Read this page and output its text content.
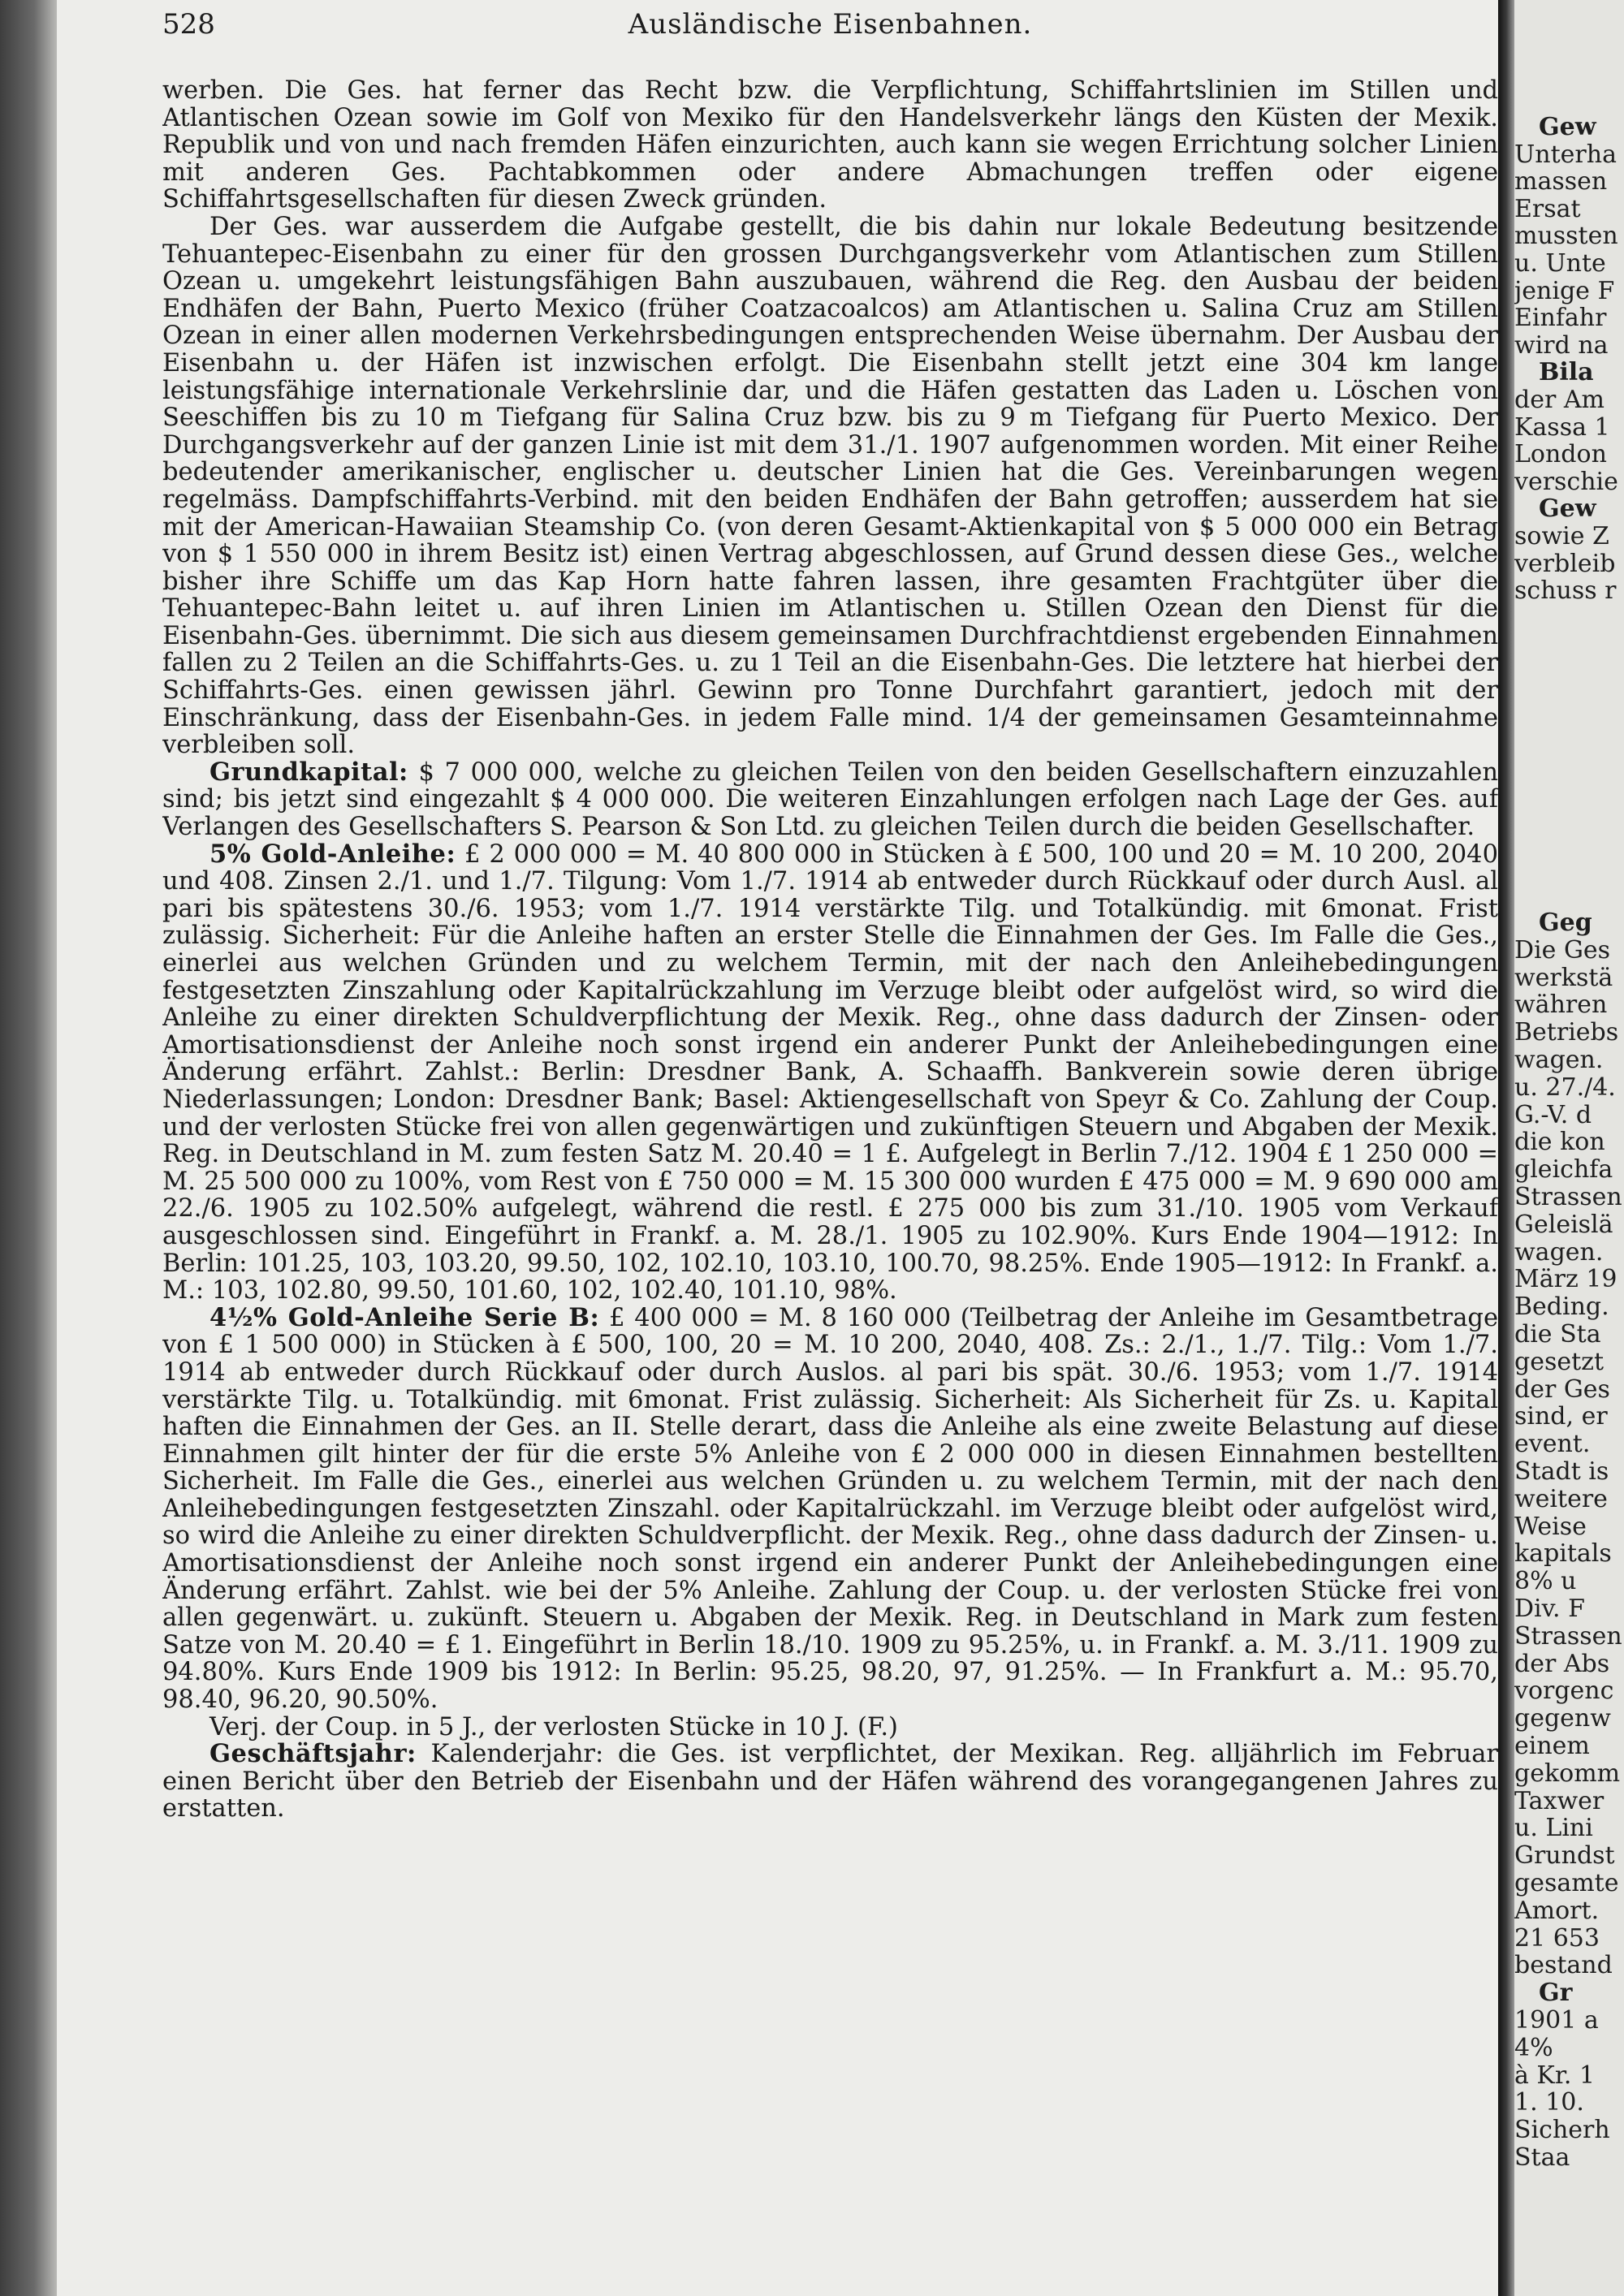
528	Ausländische Eisenbahnen.

werben. Die Ges. hat ferner das Recht bzw. die Verpflichtung, Schiffahrtslinien im Stillen und Atlantischen Ozean sowie im Golf von Mexiko für den Handelsverkehr längs den Küsten der Mexik. Republik und von und nach fremden Häfen einzurichten, auch kann sie wegen Errichtung solcher Linien mit anderen Ges. Pachtabkommen oder andere Abmachungen treffen oder eigene Schiffahrtsgesellschaften für diesen Zweck gründen.

Der Ges. war ausserdem die Aufgabe gestellt, die bis dahin nur lokale Bedeutung besitzende Tehuantepec-Eisenbahn zu einer für den grossen Durchgangsverkehr vom Atlantischen zum Stillen Ozean u. umgekehrt leistungsfähigen Bahn auszubauen, während die Reg. den Ausbau der beiden Endhäfen der Bahn, Puerto Mexico (früher Coatzacoalcos) am Atlantischen u. Salina Cruz am Stillen Ozean in einer allen modernen Verkehrsbedingungen entsprechenden Weise übernahm. Der Ausbau der Eisenbahn u. der Häfen ist inzwischen erfolgt. Die Eisenbahn stellt jetzt eine 304 km lange leistungsfähige internationale Verkehrslinie dar, und die Häfen gestatten das Laden u. Löschen von Seeschiffen bis zu 10 m Tiefgang für Salina Cruz bzw. bis zu 9 m Tiefgang für Puerto Mexico. Der Durchgangsverkehr auf der ganzen Linie ist mit dem 31./1. 1907 aufgenommen worden. Mit einer Reihe bedeutender amerikanischer, englischer u. deutscher Linien hat die Ges. Vereinbarungen wegen regelmäss. Dampfschiffahrts-Verbind. mit den beiden Endhäfen der Bahn getroffen; ausserdem hat sie mit der American-Hawaiian Steamship Co. (von deren Gesamt-Aktienkapital von $ 5 000 000 ein Betrag von $ 1 550 000 in ihrem Besitz ist) einen Vertrag abgeschlossen, auf Grund dessen diese Ges., welche bisher ihre Schiffe um das Kap Horn hatte fahren lassen, ihre gesamten Frachtgüter über die Tehuantepec-Bahn leitet u. auf ihren Linien im Atlantischen u. Stillen Ozean den Dienst für die Eisenbahn-Ges. übernimmt. Die sich aus diesem gemeinsamen Durchfrachtdienst ergebenden Einnahmen fallen zu 2 Teilen an die Schiffahrts-Ges. u. zu 1 Teil an die Eisenbahn-Ges. Die letztere hat hierbei der Schiffahrts-Ges. einen gewissen jährl. Gewinn pro Tonne Durchfahrt garantiert, jedoch mit der Einschränkung, dass der Eisenbahn-Ges. in jedem Falle mind. 1/4 der gemeinsamen Gesamteinnahme verbleiben soll.

Grundkapital: $ 7 000 000, welche zu gleichen Teilen von den beiden Gesellschaftern einzuzahlen sind; bis jetzt sind eingezahlt $ 4 000 000. Die weiteren Einzahlungen erfolgen nach Lage der Ges. auf Verlangen des Gesellschafters S. Pearson & Son Ltd. zu gleichen Teilen durch die beiden Gesellschafter.

5% Gold-Anleihe: £ 2 000 000 = M. 40 800 000 in Stücken à £ 500, 100 und 20 = M. 10 200, 2040 und 408. Zinsen 2./1. und 1./7. Tilgung: Vom 1./7. 1914 ab entweder durch Rückkauf oder durch Ausl. al pari bis spätestens 30./6. 1953; vom 1./7. 1914 verstärkte Tilg. und Totalkündig. mit 6monat. Frist zulässig. Sicherheit: Für die Anleihe haften an erster Stelle die Einnahmen der Ges. Im Falle die Ges., einerlei aus welchen Gründen und zu welchem Termin, mit der nach den Anleihebedingungen festgesetzten Zinszahlung oder Kapitalrückzahlung im Verzuge bleibt oder aufgelöst wird, so wird die Anleihe zu einer direkten Schuldverpflichtung der Mexik. Reg., ohne dass dadurch der Zinsen- oder Amortisationsdienst der Anleihe noch sonst irgend ein anderer Punkt der Anleihebedingungen eine Änderung erfährt. Zahlst.: Berlin: Dresdner Bank, A. Schaaffh. Bankverein sowie deren übrige Niederlassungen; London: Dresdner Bank; Basel: Aktiengesellschaft von Speyr & Co. Zahlung der Coup. und der verlosten Stücke frei von allen gegenwärtigen und zukünftigen Steuern und Abgaben der Mexik. Reg. in Deutschland in M. zum festen Satz M. 20.40 = 1 £. Aufgelegt in Berlin 7./12. 1904 £ 1 250 000 = M. 25 500 000 zu 100%, vom Rest von £ 750 000 = M. 15 300 000 wurden £ 475 000 = M. 9 690 000 am 22./6. 1905 zu 102.50% aufgelegt, während die restl. £ 275 000 bis zum 31./10. 1905 vom Verkauf ausgeschlossen sind. Eingeführt in Frankf. a. M. 28./1. 1905 zu 102.90%. Kurs Ende 1904—1912: In Berlin: 101.25, 103, 103.20, 99.50, 102, 102.10, 103.10, 100.70, 98.25%. Ende 1905—1912: In Frankf. a. M.: 103, 102.80, 99.50, 101.60, 102, 102.40, 101.10, 98%.

4½% Gold-Anleihe Serie B: £ 400 000 = M. 8 160 000 (Teilbetrag der Anleihe im Gesamtbetrage von £ 1 500 000) in Stücken à £ 500, 100, 20 = M. 10 200, 2040, 408. Zs.: 2./1., 1./7. Tilg.: Vom 1./7. 1914 ab entweder durch Rückkauf oder durch Auslos. al pari bis spät. 30./6. 1953; vom 1./7. 1914 verstärkte Tilg. u. Totalkündig. mit 6monat. Frist zulässig. Sicherheit: Als Sicherheit für Zs. u. Kapital haften die Einnahmen der Ges. an II. Stelle derart, dass die Anleihe als eine zweite Belastung auf diese Einnahmen gilt hinter der für die erste 5% Anleihe von £ 2 000 000 in diesen Einnahmen bestellten Sicherheit. Im Falle die Ges., einerlei aus welchen Gründen u. zu welchem Termin, mit der nach den Anleihebedingungen festgesetzten Zinszahl. oder Kapitalrückzahl. im Verzuge bleibt oder aufgelöst wird, so wird die Anleihe zu einer direkten Schuldverpflicht. der Mexik. Reg., ohne dass dadurch der Zinsen- u. Amortisationsdienst der Anleihe noch sonst irgend ein anderer Punkt der Anleihebedingungen eine Änderung erfährt. Zahlst. wie bei der 5% Anleihe. Zahlung der Coup. u. der verlosten Stücke frei von allen gegenwärt. u. zukünft. Steuern u. Abgaben der Mexik. Reg. in Deutschland in Mark zum festen Satze von M. 20.40 = £ 1. Eingeführt in Berlin 18./10. 1909 zu 95.25%, u. in Frankf. a. M. 3./11. 1909 zu 94.80%. Kurs Ende 1909 bis 1912: In Berlin: 95.25, 98.20, 97, 91.25%. — In Frankfurt a. M.: 95.70, 98.40, 96.20, 90.50%.

Verj. der Coup. in 5 J., der verlosten Stücke in 10 J. (F.)

Geschäftsjahr: Kalenderjahr: die Ges. ist verpflichtet, der Mexikan. Reg. alljährlich im Februar einen Bericht über den Betrieb der Eisenbahn und der Häfen während des vorangegangenen Jahres zu erstatten.

Gew
Unterha
massen
Ersat
mussten
u. Unte
jenige F
Einfahr
wird na
Bila
der Am
Kassa 1
London
verschie
Gew
sowie Z
verbleib
schuss r
Geg
Die Ges
werkstä
währen
Betriebs
wagen.
u. 27./4.
G.-V. d
die kon
gleichfa
Strassen
Geleislä
wagen.
März 19
Beding.
die Sta
gesetzt
der Ges
sind, er
event.
Stadt is
weitere
Weise
kapitals
8% u
Div. F
Strassen
der Abs
vorgenc
gegenw
einem
gekomm
Taxwer
u. Lini
Grundst
gesamte
Amort.
21 653
bestand
Gr
1901 a
4%
à Kr. 1
1. 10.
Sicherh
Staa
